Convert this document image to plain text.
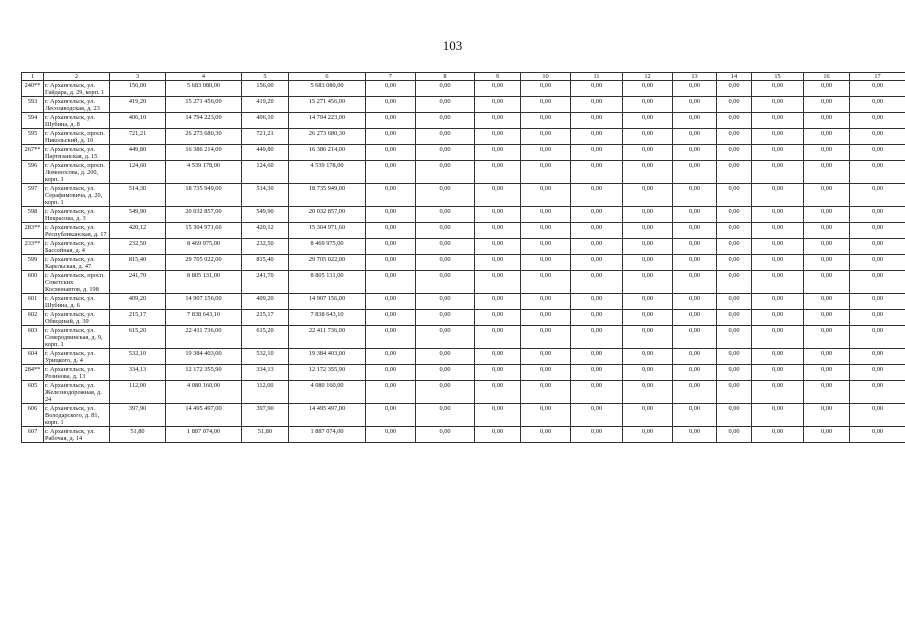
103
1	2	3	4	5	6	7	8	9	10	11	12	13	14	15	16	17
240**	г. Архангельск, ул. Гайдара, д. 29, корп. 1	156,00	5 683 080,00	156,00	5 683 080,00	0,00	0,00	0,00	0,00	0,00	0,00	0,00	0,00	0,00	0,00	0,00
593	г. Архангельск, ул. Лесозаводская, д. 23	419,20	15 271 456,00	419,20	15 271 456,00	0,00	0,00	0,00	0,00	0,00	0,00	0,00	0,00	0,00	0,00	0,00
594	г. Архангельск, ул. Шубина, д. 8	406,10	14 794 223,00	406,10	14 794 223,00	0,00	0,00	0,00	0,00	0,00	0,00	0,00	0,00	0,00	0,00	0,00
595	г. Архангельск, просп. Никольский, д. 10	721,21	26 273 680,30	721,21	26 273 680,30	0,00	0,00	0,00	0,00	0,00	0,00	0,00	0,00	0,00	0,00	0,00
267**	г. Архангельск, ул. Партизанская, д. 15	449,80	16 386 214,00	449,80	16 386 214,00	0,00	0,00	0,00	0,00	0,00	0,00	0,00	0,00	0,00	0,00	0,00
596	г. Архангельск, просп. Ломоносова, д. 200, корп. 1	124,60	4 539 178,00	124,60	4 539 178,00	0,00	0,00	0,00	0,00	0,00	0,00	0,00	0,00	0,00	0,00	0,00
597	г. Архангельск, ул. Серафимовича, д. 20, корп. 1	514,30	18 735 949,00	514,30	18 735 949,00	0,00	0,00	0,00	0,00	0,00	0,00	0,00	0,00	0,00	0,00	0,00
598	г. Архангельск, ул. Некрасова, д. 3	549,90	20 032 857,00	549,90	20 032 857,00	0,00	0,00	0,00	0,00	0,00	0,00	0,00	0,00	0,00	0,00	0,00
283**	г. Архангельск, ул. Республиканская, д. 17	420,12	15 304 971,60	420,12	15 304 971,60	0,00	0,00	0,00	0,00	0,00	0,00	0,00	0,00	0,00	0,00	0,00
233**	г. Архангельск, ул. Бассейная, д. 4	232,50	8 469 975,00	232,50	8 469 975,00	0,00	0,00	0,00	0,00	0,00	0,00	0,00	0,00	0,00	0,00	0,00
599	г. Архангельск, ул. Карельская, д. 47	815,40	29 705 022,00	815,40	29 705 022,00	0,00	0,00	0,00	0,00	0,00	0,00	0,00	0,00	0,00	0,00	0,00
600	г. Архангельск, просп. Советских Космонавтов, д. 198	241,70	8 805 131,00	241,70	8 805 131,00	0,00	0,00	0,00	0,00	0,00	0,00	0,00	0,00	0,00	0,00	0,00
601	г. Архангельск, ул. Шубина, д. 6	409,20	14 907 156,00	409,20	14 907 156,00	0,00	0,00	0,00	0,00	0,00	0,00	0,00	0,00	0,00	0,00	0,00
602	г. Архангельск, ул. Обводный, д. 39	215,17	7 838 643,10	215,17	7 838 643,10	0,00	0,00	0,00	0,00	0,00	0,00	0,00	0,00	0,00	0,00	0,00
603	г. Архангельск, ул. Северодвинская, д. 9, корп. 1	615,20	22 411 736,00	615,20	22 411 736,00	0,00	0,00	0,00	0,00	0,00	0,00	0,00	0,00	0,00	0,00	0,00
604	г. Архангельск, ул. Урицкого, д. 4	532,10	19 384 403,00	532,10	19 384 403,00	0,00	0,00	0,00	0,00	0,00	0,00	0,00	0,00	0,00	0,00	0,00
284**	г. Архангельск, ул. Розинова, д. 13	334,13	12 172 355,90	334,13	12 172 355,90	0,00	0,00	0,00	0,00	0,00	0,00	0,00	0,00	0,00	0,00	0,00
605	г. Архангельск, ул. Железнодорожная, д. 24	112,00	4 080 160,00	112,00	4 080 160,00	0,00	0,00	0,00	0,00	0,00	0,00	0,00	0,00	0,00	0,00	0,00
606	г. Архангельск, ул. Володарского, д. 81, корп. 1	397,90	14 495 497,00	397,90	14 495 497,00	0,00	0,00	0,00	0,00	0,00	0,00	0,00	0,00	0,00	0,00	0,00
607	г. Архангельск, ул. Рабочая, д. 14	51,80	1 887 074,00	51,80	1 887 074,00	0,00	0,00	0,00	0,00	0,00	0,00	0,00	0,00	0,00	0,00	0,00
